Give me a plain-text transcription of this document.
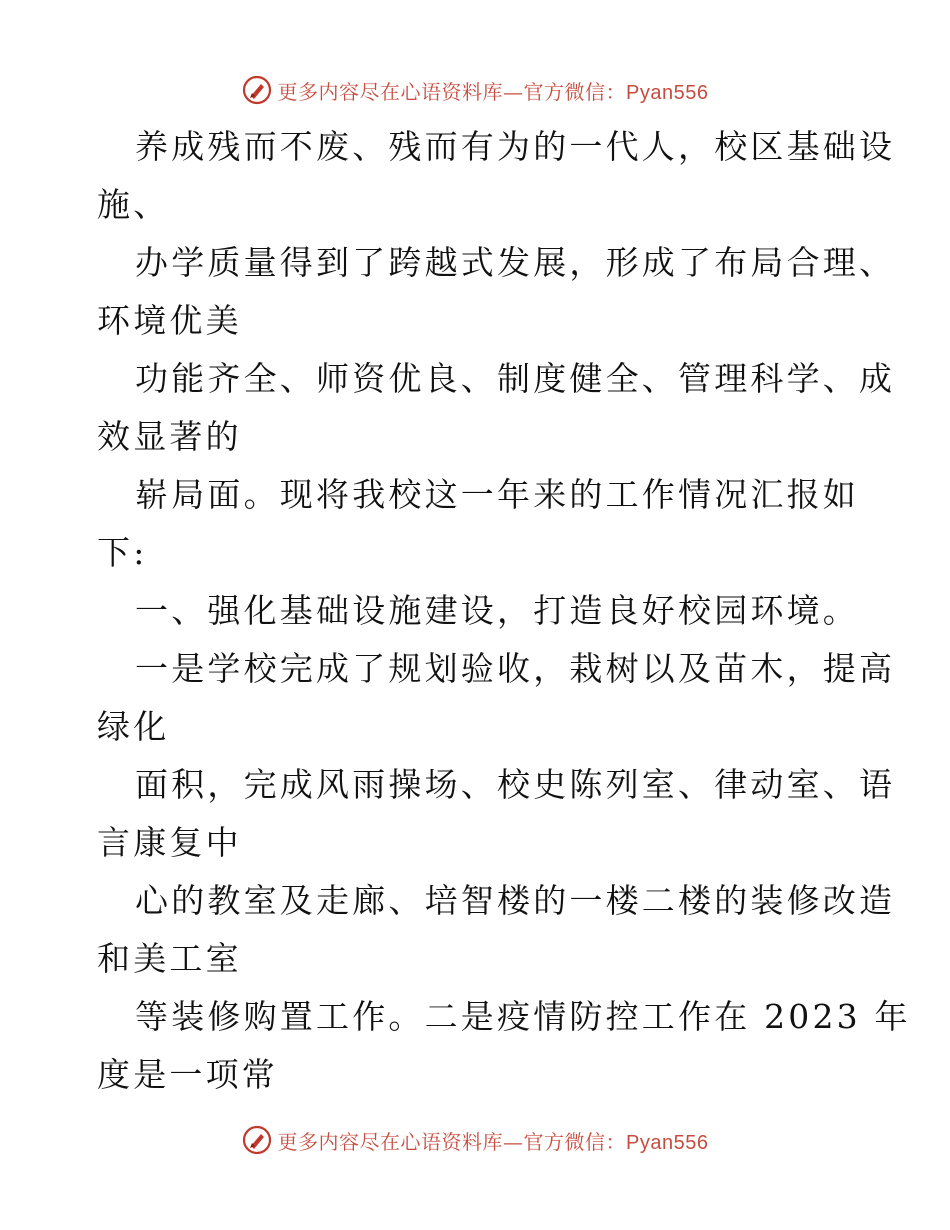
更多内容尽在心语资料库—官方微信：Pyan556
养成残而不废、残而有为的一代人，校区基础设
施、
办学质量得到了跨越式发展，形成了布局合理、
环境优美
功能齐全、师资优良、制度健全、管理科学、成
效显著的
崭局面。现将我校这一年来的工作情况汇报如
下:
一、强化基础设施建设，打造良好校园环境。
一是学校完成了规划验收，栽树以及苗木，提高
绿化
面积，完成风雨操场、校史陈列室、律动室、语
言康复中
心的教室及走廊、培智楼的一楼二楼的装修改造
和美工室
等装修购置工作。二是疫情防控工作在 2023 年
度是一项常
更多内容尽在心语资料库—官方微信：Pyan556
